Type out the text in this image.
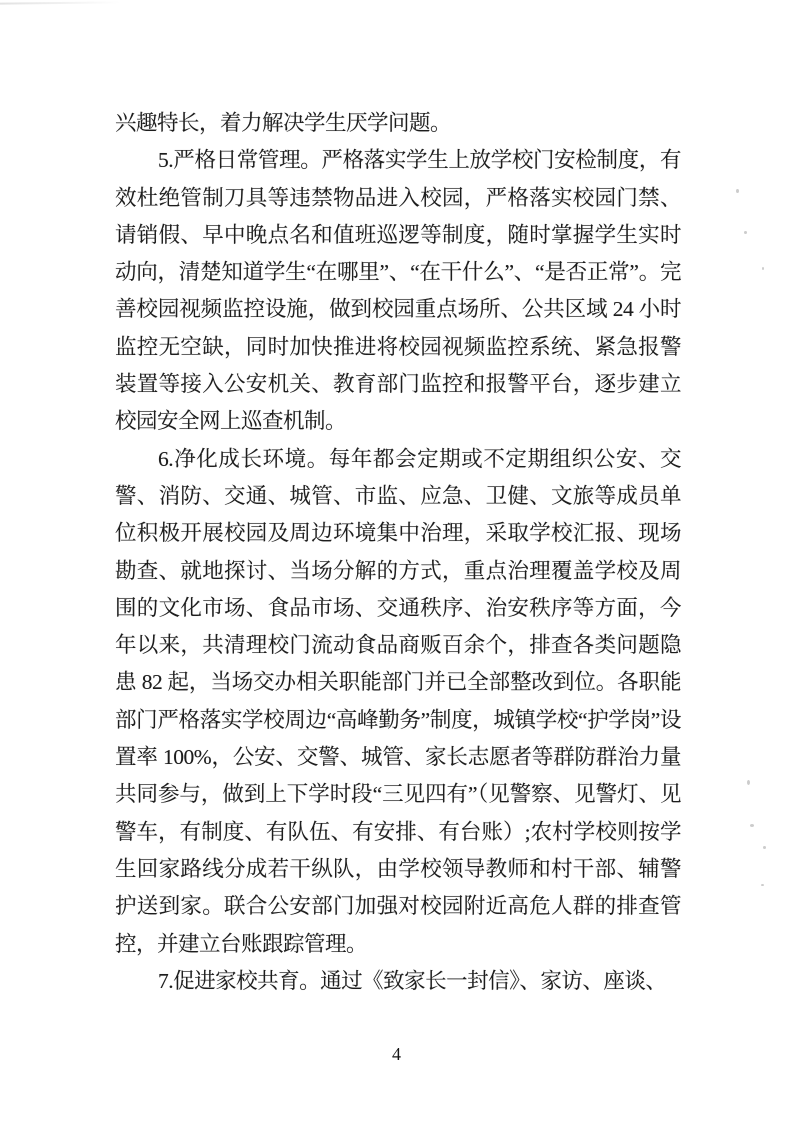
兴趣特长，着力解决学生厌学问题。

5.严格日常管理。严格落实学生上放学校门安检制度，有效杜绝管制刀具等违禁物品进入校园，严格落实校园门禁、请销假、早中晚点名和值班巡逻等制度，随时掌握学生实时动向，清楚知道学生“在哪里”、“在干什么”、“是否正常”。完善校园视频监控设施，做到校园重点场所、公共区域 24 小时监控无空缺，同时加快推进将校园视频监控系统、紧急报警装置等接入公安机关、教育部门监控和报警平台，逐步建立校园安全网上巡查机制。

6.净化成长环境。每年都会定期或不定期组织公安、交警、消防、交通、城管、市监、应急、卫健、文旅等成员单位积极开展校园及周边环境集中治理，采取学校汇报、现场勘查、就地探讨、当场分解的方式，重点治理覆盖学校及周围的文化市场、食品市场、交通秩序、治安秩序等方面，今年以来，共清理校门流动食品商贩百余个，排查各类问题隐患 82 起，当场交办相关职能部门并已全部整改到位。各职能部门严格落实学校周边“高峰勤务”制度，城镇学校“护学岗”设置率 100%，公安、交警、城管、家长志愿者等群防群治力量共同参与，做到上下学时段“三见四有”（见警察、见警灯、见警车，有制度、有队伍、有安排、有台账）;农村学校则按学生回家路线分成若干纵队，由学校领导教师和村干部、辅警护送到家。联合公安部门加强对校园附近高危人群的排查管控，并建立台账跟踪管理。

7.促进家校共育。通过《致家长一封信》、家访、座谈、

4
